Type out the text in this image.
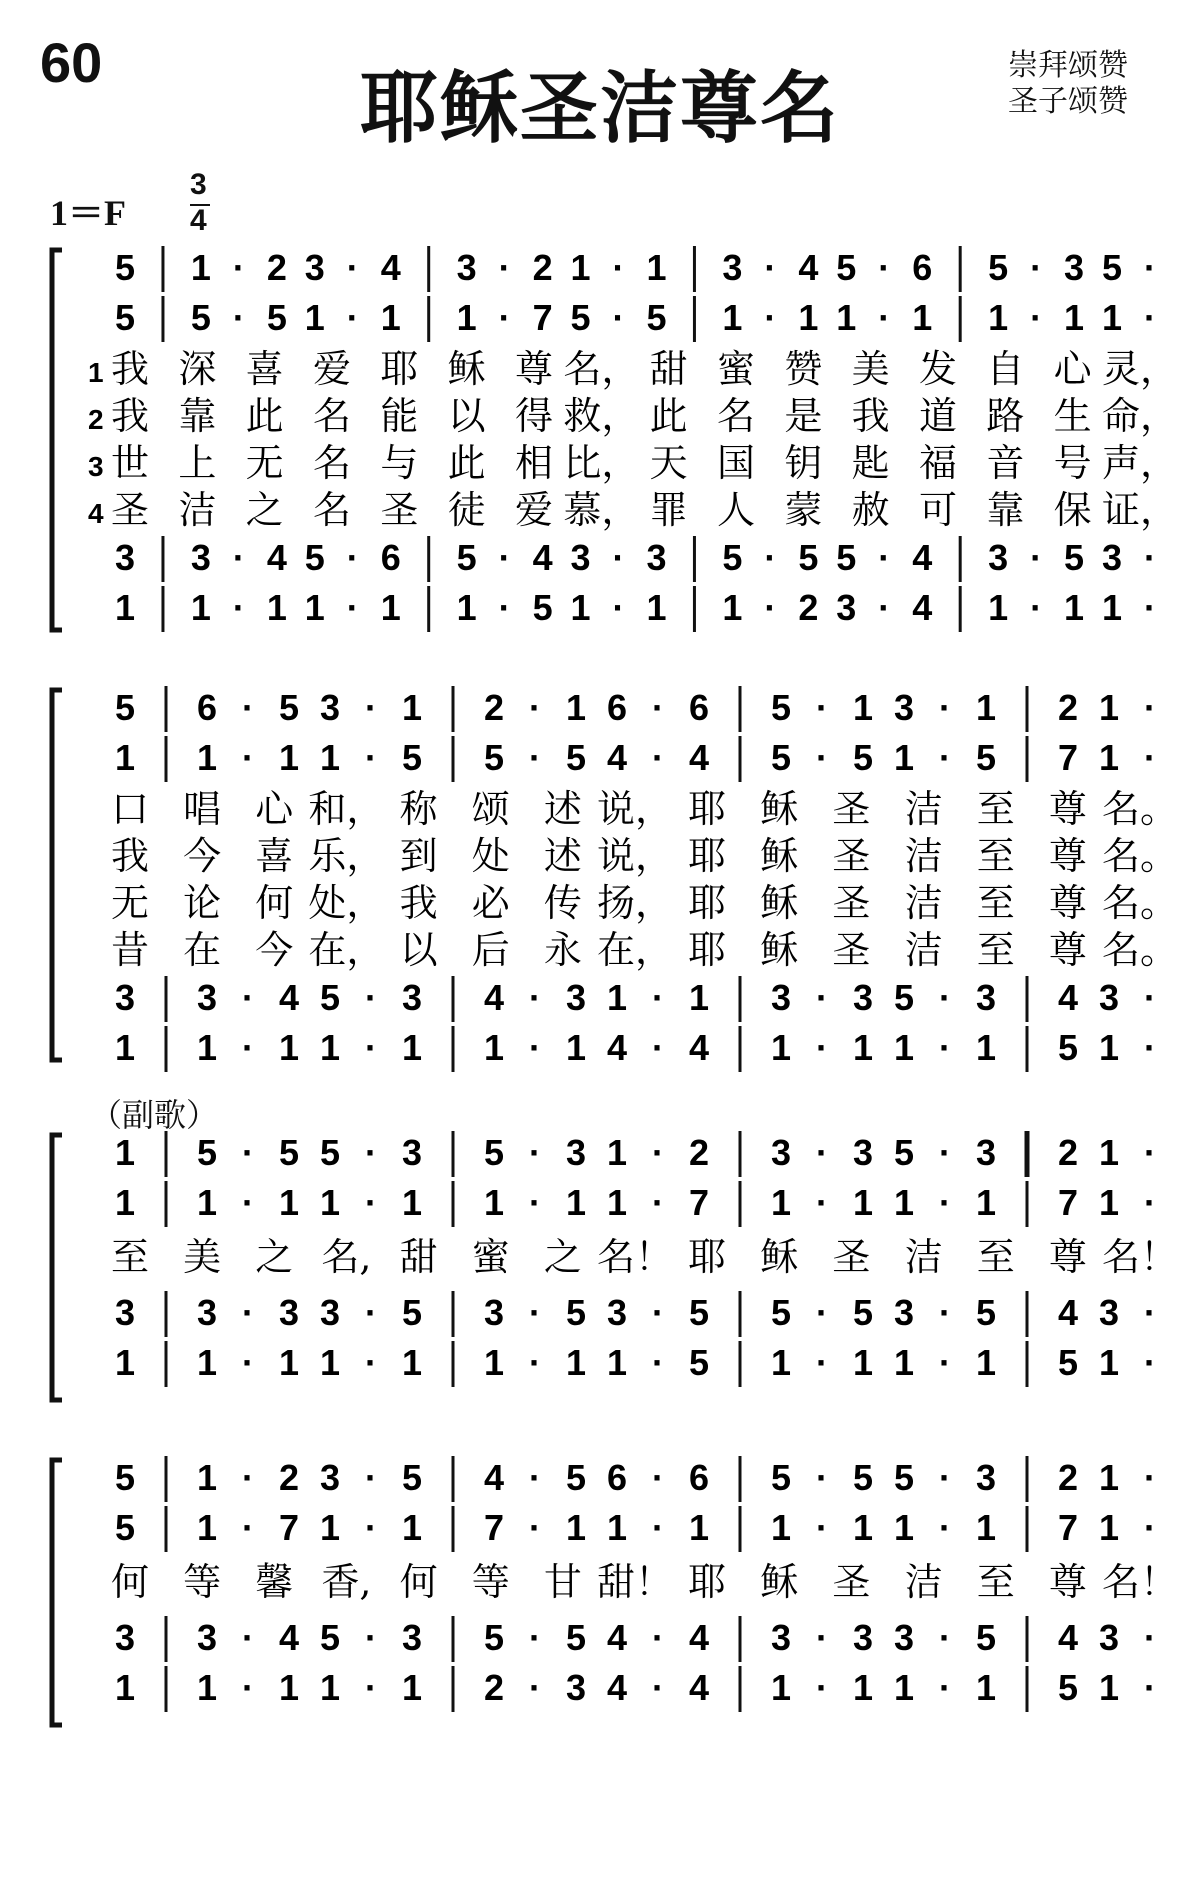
60
耶稣圣洁尊名	崇拜颂赞
圣子颂赞
1＝F
3
4
（副歌）
5 1 · 2 3 · 4 3 · 2 1 · 1 3 · 4 5 · 6 5 · 3 5 ·
5 5 · 5 1 · 1 1 · 7 5 · 5 1 · 1 1 · 1 1 · 1 1 ·
3 3 · 4 5 · 6 5 · 4 3 · 3 5 · 5 5 · 4 3 · 5 3 ·
1 1 · 1 1 · 1 1 · 5 1 · 1 1 · 2 3 · 4 1 · 1 1 ·
1 我 深 喜 爱 耶 稣 尊 名， 甜 蜜 赞 美 发 自 心 灵，
2 我 靠 此 名 能 以 得 救， 此 名 是 我 道 路 生 命，
3 世 上 无 名 与 此 相 比， 天 国 钥 匙 福 音 号 声，
4 圣 洁 之 名 圣 徒 爱 慕， 罪 人 蒙 赦 可 靠 保 证，
5 6 · 5 3 · 1 2 · 1 6 · 6 5 · 1 3 · 1 2 1 ·
1 1 · 1 1 · 5 5 · 5 4 · 4 5 · 5 1 · 5 7 1 ·
3 3 · 4 5 · 3 4 · 3 1 · 1 3 · 3 5 · 3 4 3 ·
1 1 · 1 1 · 1 1 · 1 4 · 4 1 · 1 1 · 1 5 1 ·
口 唱 心 和， 称 颂 述 说， 耶 稣 圣 洁 至 尊 名。
我 今 喜 乐， 到 处 述 说， 耶 稣 圣 洁 至 尊 名。
无 论 何 处， 我 必 传 扬， 耶 稣 圣 洁 至 尊 名。
昔 在 今 在， 以 后 永 在， 耶 稣 圣 洁 至 尊 名。
1 5 · 5 5 · 3 5 · 3 1 · 2 3 · 3 5 · 3 2 1 ·
1 1 · 1 1 · 1 1 · 1 1 · 7 1 · 1 1 · 1 7 1 ·
3 3 · 3 3 · 5 3 · 5 3 · 5 5 · 5 3 · 5 4 3 ·
1 1 · 1 1 · 1 1 · 1 1 · 5 1 · 1 1 · 1 5 1 ·
至 美 之 名, 甜 蜜 之 名！ 耶 稣 圣 洁 至 尊 名！
5 1 · 2 3 · 5 4 · 5 6 · 6 5 · 5 5 · 3 2 1 ·
5 1 · 7 1 · 1 7 · 1 1 · 1 1 · 1 1 · 1 7 1 ·
3 3 · 4 5 · 3 5 · 5 4 · 4 3 · 3 3 · 5 4 3 ·
1 1 · 1 1 · 1 2 · 3 4 · 4 1 · 1 1 · 1 5 1 ·
何 等 馨 香, 何 等 甘 甜！ 耶 稣 圣 洁 至 尊 名！
